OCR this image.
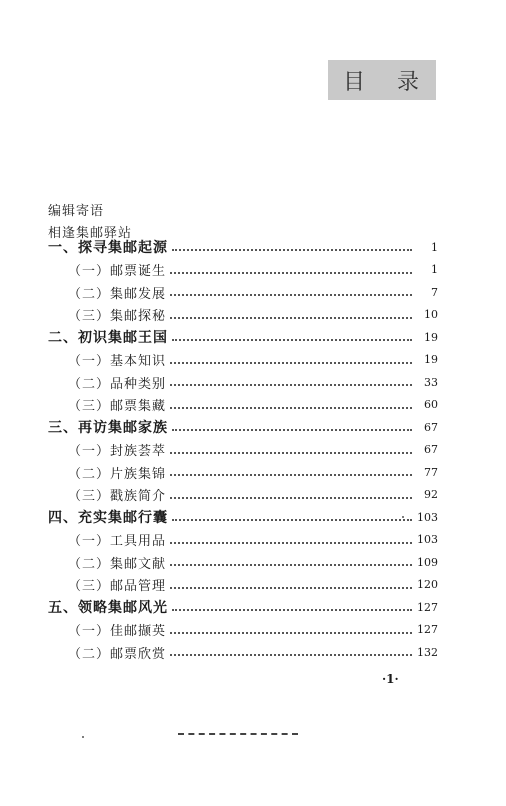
目 录
编辑寄语
相逢集邮驿站
一、探寻集邮起源	1
（一）邮票诞生	1
（二）集邮发展	7
（三）集邮探秘	10
二、初识集邮王国	19
（一）基本知识	19
（二）品种类别	33
（三）邮票集藏	60
三、再访集邮家族	67
（一）封族荟萃	67
（二）片族集锦	77
（三）戳族简介	92
四、充实集邮行囊	103
（一）工具用品	103
（二）集邮文献	109
（三）邮品管理	120
五、领略集邮风光	127
（一）佳邮撷英	127
（二）邮票欣赏	132
·1·
